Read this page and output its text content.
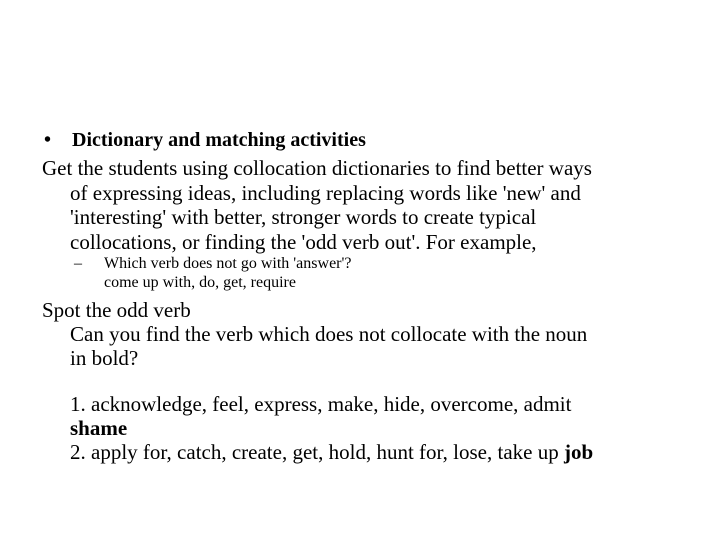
• Dictionary and matching activities
Get the students using collocation dictionaries to find better ways
of expressing ideas, including replacing words like 'new' and
'interesting' with better, stronger words to create typical
collocations, or finding the 'odd verb out'. For example,
– Which verb does not go with 'answer'?
come up with, do, get, require
Spot the odd verb
Can you find the verb which does not collocate with the noun
in bold?
1. acknowledge, feel, express, make, hide, overcome, admit
shame
2. apply for, catch, create, get, hold, hunt for, lose, take up job
